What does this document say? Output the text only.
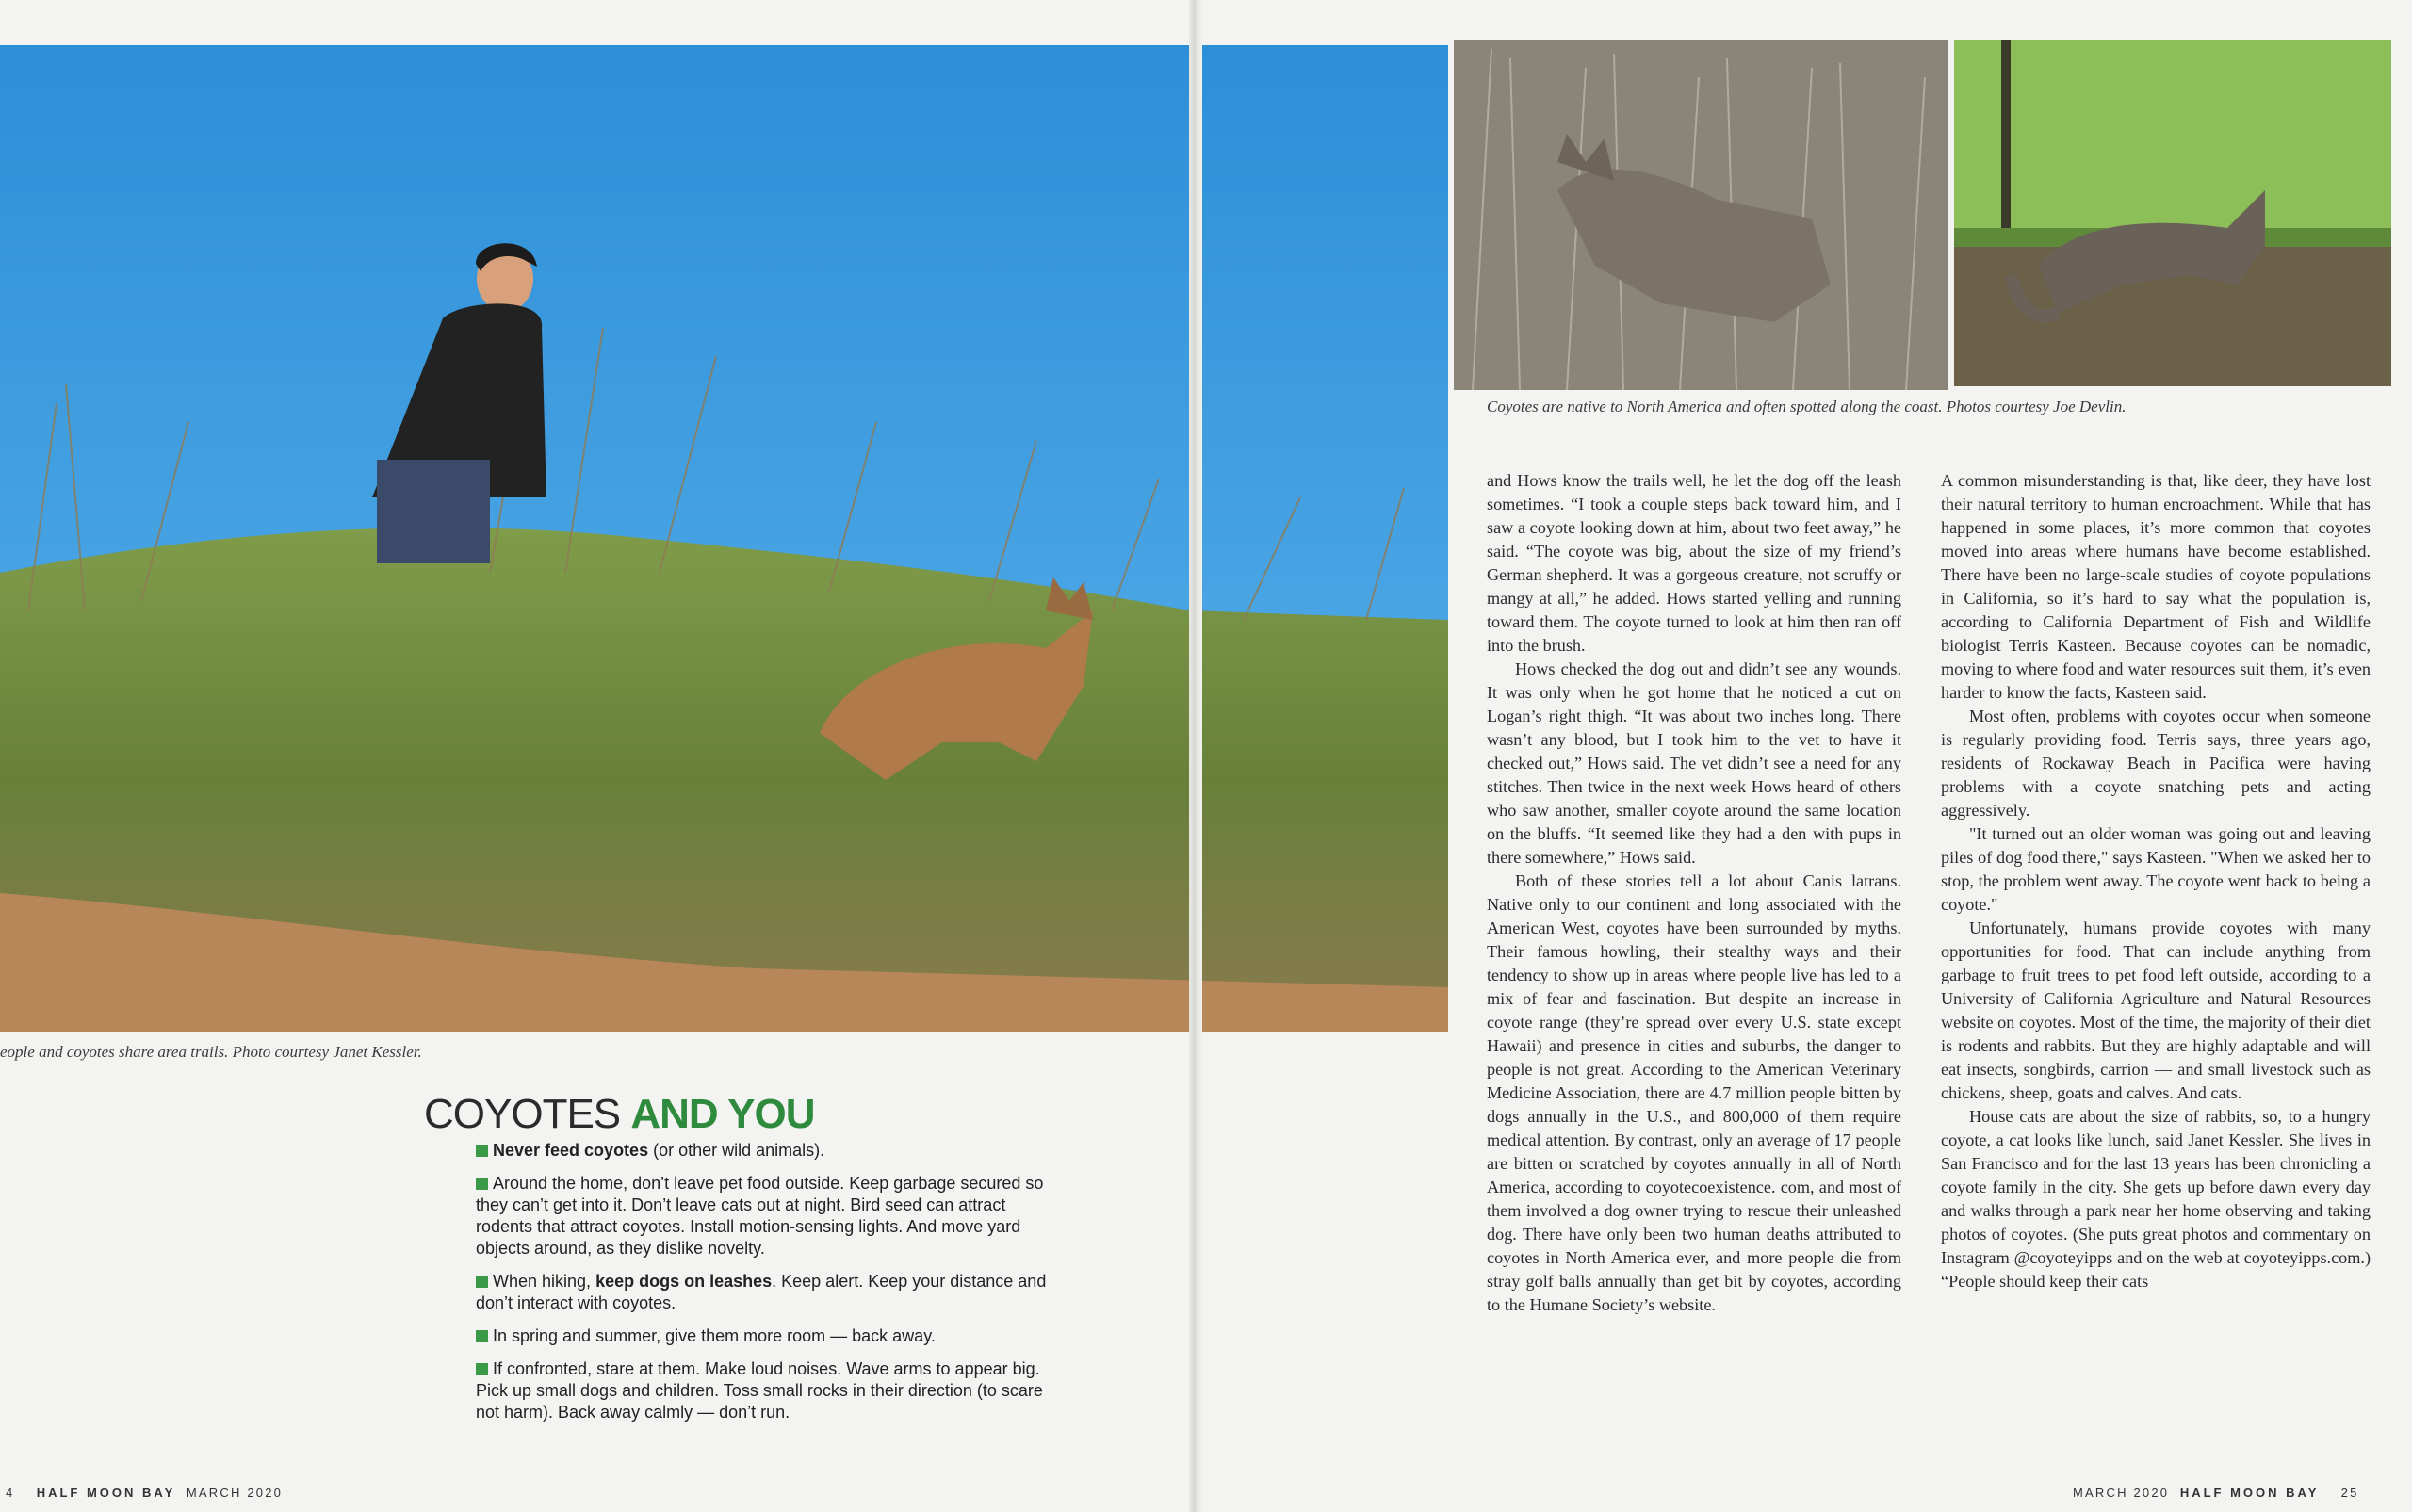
eople and coyotes share area trails. Photo courtesy Janet Kessler.
Coyotes are native to North America and often spotted along the coast. Photos courtesy Joe Devlin.
COYOTES AND YOU
Never feed coyotes (or other wild animals).
Around the home, don’t leave pet food outside. Keep garbage secured so they can’t get into it. Don’t leave cats out at night. Bird seed can attract rodents that attract coyotes. Install motion-sensing lights. And move yard objects around, as they dislike novelty.
When hiking, keep dogs on leashes. Keep alert. Keep your distance and don’t interact with coyotes.
In spring and summer, give them more room — back away.
If confronted, stare at them. Make loud noises. Wave arms to appear big. Pick up small dogs and children. Toss small rocks in their direction (to scare not harm). Back away calmly — don’t run.

and Hows know the trails well, he let the dog off the leash sometimes. “I took a couple steps back toward him, and I saw a coyote looking down at him, about two feet away,” he said. “The coyote was big, about the size of my friend’s German shepherd. It was a gorgeous creature, not scruffy or mangy at all,” he added. Hows started yelling and running toward them. The coyote turned to look at him then ran off into the brush.

Hows checked the dog out and didn’t see any wounds. It was only when he got home that he noticed a cut on Logan’s right thigh. “It was about two inches long. There wasn’t any blood, but I took him to the vet to have it checked out,” Hows said. The vet didn’t see a need for any stitches. Then twice in the next week Hows heard of others who saw another, smaller coyote around the same location on the bluffs. “It seemed like they had a den with pups in there somewhere,” Hows said.

Both of these stories tell a lot about Canis latrans. Native only to our continent and long associated with the American West, coyotes have been surrounded by myths. Their famous howling, their stealthy ways and their tendency to show up in areas where people live has led to a mix of fear and fascination. But despite an increase in coyote range (they’re spread over every U.S. state except Hawaii) and presence in cities and suburbs, the danger to people is not great. According to the American Veterinary Medicine Association, there are 4.7 million people bitten by dogs annually in the U.S., and 800,000 of them require medical attention. By contrast, only an average of 17 people are bitten or scratched by coyotes annually in all of North America, according to coyotecoexistence. com, and most of them involved a dog owner trying to rescue their unleashed dog. There have only been two human deaths attributed to coyotes in North America ever, and more people die from stray golf balls annually than get bit by coyotes, according to the Humane Society’s website.

A common misunderstanding is that, like deer, they have lost their natural territory to human encroachment. While that has happened in some places, it’s more common that coyotes moved into areas where humans have become established. There have been no large-scale studies of coyote populations in California, so it’s hard to say what the population is, according to California Department of Fish and Wildlife biologist Terris Kasteen. Because coyotes can be nomadic, moving to where food and water resources suit them, it’s even harder to know the facts, Kasteen said.

Most often, problems with coyotes occur when someone is regularly providing food. Terris says, three years ago, residents of Rockaway Beach in Pacifica were having problems with a coyote snatching pets and acting aggressively.

"It turned out an older woman was going out and leaving piles of dog food there," says Kasteen. "When we asked her to stop, the problem went away. The coyote went back to being a coyote."

Unfortunately, humans provide coyotes with many opportunities for food. That can include anything from garbage to fruit trees to pet food left outside, according to a University of California Agriculture and Natural Resources website on coyotes. Most of the time, the majority of their diet is rodents and rabbits. But they are highly adaptable and will eat insects, songbirds, carrion — and small livestock such as chickens, sheep, goats and calves. And cats.

House cats are about the size of rabbits, so, to a hungry coyote, a cat looks like lunch, said Janet Kessler. She lives in San Francisco and for the last 13 years has been chronicling a coyote family in the city. She gets up before dawn every day and walks through a park near her home observing and taking photos of coyotes. (She puts great photos and commentary on Instagram @coyoteyipps and on the web at coyoteyipps.com.) “People should keep their cats

4 HALF MOON BAY MARCH 2020	MARCH 2020 HALF MOON BAY 25
